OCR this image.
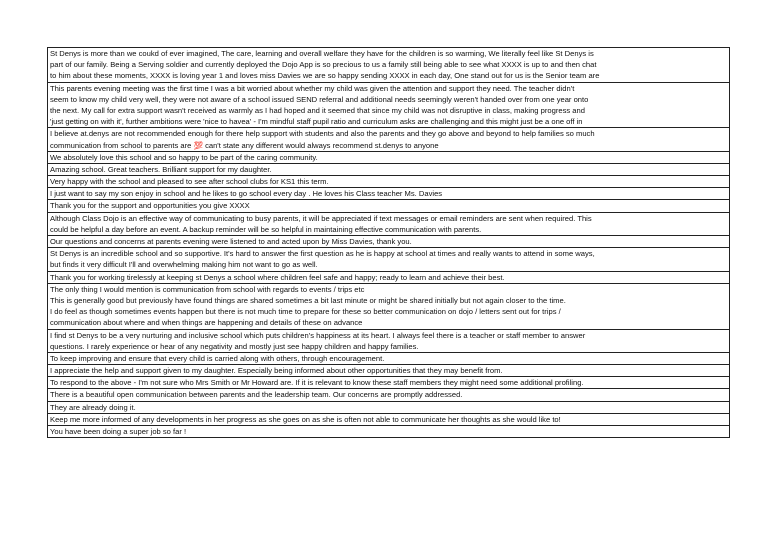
St Denys is more than we coukd of ever imagined, The care, learning and overall welfare they have for the children is so warming, We literally feel like St Denys is
part of our family. Being a Serving soldier and currently deployed the Dojo App is so precious to us a family still being able to see what XXXX is up to and then chat
to him about these moments, XXXX is loving year 1 and loves miss Davies we are so happy sending XXXX in each day, One stand out for us is the Senior team are

This parents evening meeting was the first time I was a bit worried about whether my child was given the attention and support they need. The teacher didn't
seem to know my child very well, they were not aware of a school issued SEND referral and additional needs seemingly weren't handed over from one year onto
the next. My call for extra support wasn't received as warmly as I had hoped and it seemed that since my child was not disruptive in class, making progress and
'just getting on with it', further ambitions were 'nice to havea' - I'm mindful staff pupil ratio and curriculum asks are challenging and this might just be a one off in

I believe at.denys are not recommended enough for there help support with students and also the parents and they go above and beyond to help families so much
communication from school to parents are 💯 can't state any different would always recommend st.denys to anyone

We absolutely love this school and so happy to be part of the caring community.

Amazing school. Great teachers. Brilliant support for my daughter.

Very happy with the school and pleased to see after school clubs for KS1 this term.

I just want to say my son enjoy in school and he likes to go school every day . He loves his Class teacher Ms. Davies

Thank you for the support and opportunities you give XXXX

Although Class Dojo is an effective way of communicating to busy parents, it will be appreciated if text messages or email reminders are sent when required. This
could be helpful a day before an event. A backup reminder will be so helpful in maintaining effective communication with parents.

Our questions and concerns at parents evening were listened to and acted upon by Miss Davies, thank you.

St Denys is an incredible school and so supportive. It's hard to answer the first question as he is happy at school at times and really wants to attend in some ways,
but finds it very difficult I'll and overwhelming making him not want to go as well.

Thank you for working tirelessly at keeping st Denys a school where children feel safe and happy; ready to learn and achieve their best.

The only thing I would mention is communication from school with regards to events / trips etc
This is generally good but previously have found things are shared sometimes a bit last minute or might be shared initially but not again closer to the time.
I do feel as though sometimes events happen but there is not much time to prepare for these so better communication on dojo / letters sent out for trips /
communication about where and when things are happening and details of these on advance

I find st Denys to be a very nurturing and inclusive school which puts children's happiness at its heart. I always feel there is a teacher or staff member to answer
questions. I rarely experience or hear of any negativity and mostly just see happy children and happy families.

To keep improving and ensure that every child is carried along with others, through encouragement.

I appreciate the help and support given to my daughter. Especially being informed about other opportunities that they may benefit from.

To respond to the above - I'm not sure who Mrs Smith or Mr Howard are. If it is relevant to know these staff members they might need some additional profiling.

There is a beautiful open communication between parents and the leadership team. Our concerns are promptly addressed.

They are already doing it.

Keep me more informed of any developments in her progress as she goes on as she is often not able to communicate her thoughts as she would like to!

You have been doing a super job so far !
